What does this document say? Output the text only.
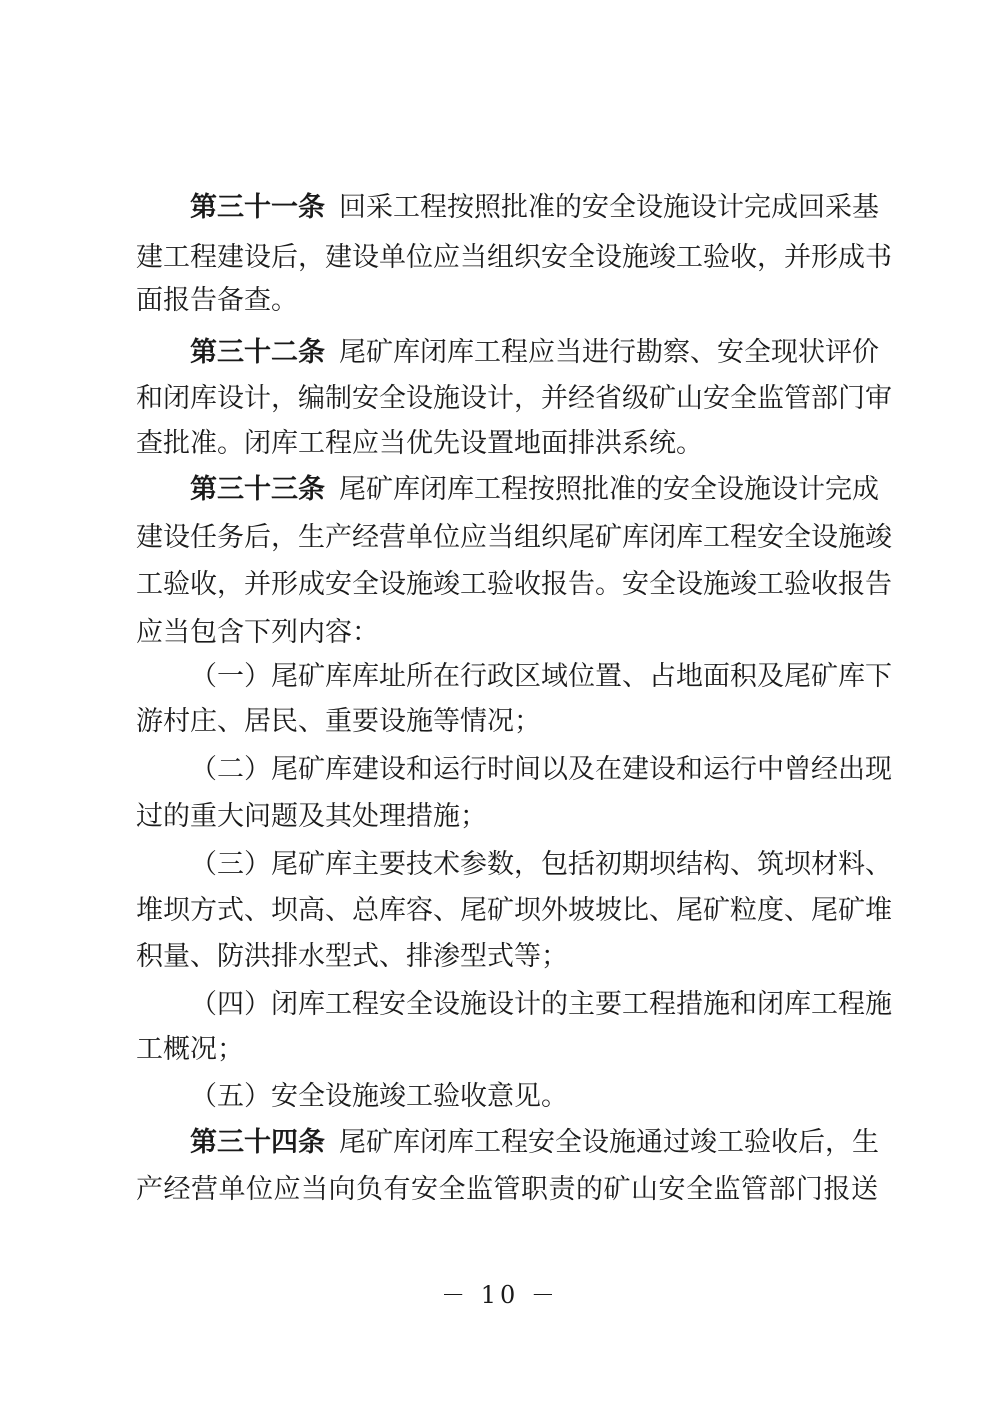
第三十一条 回采工程按照批准的安全设施设计完成回采基
建工程建设后，建设单位应当组织安全设施竣工验收，并形成书
面报告备查。
第三十二条 尾矿库闭库工程应当进行勘察、安全现状评价
和闭库设计，编制安全设施设计，并经省级矿山安全监管部门审
查批准。闭库工程应当优先设置地面排洪系统。
第三十三条 尾矿库闭库工程按照批准的安全设施设计完成
建设任务后，生产经营单位应当组织尾矿库闭库工程安全设施竣
工验收，并形成安全设施竣工验收报告。安全设施竣工验收报告
应当包含下列内容：
（一）尾矿库库址所在行政区域位置、占地面积及尾矿库下
游村庄、居民、重要设施等情况；
（二）尾矿库建设和运行时间以及在建设和运行中曾经出现
过的重大问题及其处理措施；
（三）尾矿库主要技术参数，包括初期坝结构、筑坝材料、
堆坝方式、坝高、总库容、尾矿坝外坡坡比、尾矿粒度、尾矿堆
积量、防洪排水型式、排渗型式等；
（四）闭库工程安全设施设计的主要工程措施和闭库工程施
工概况；
（五）安全设施竣工验收意见。
第三十四条 尾矿库闭库工程安全设施通过竣工验收后，生
产经营单位应当向负有安全监管职责的矿山安全监管部门报送
－ 10 －
